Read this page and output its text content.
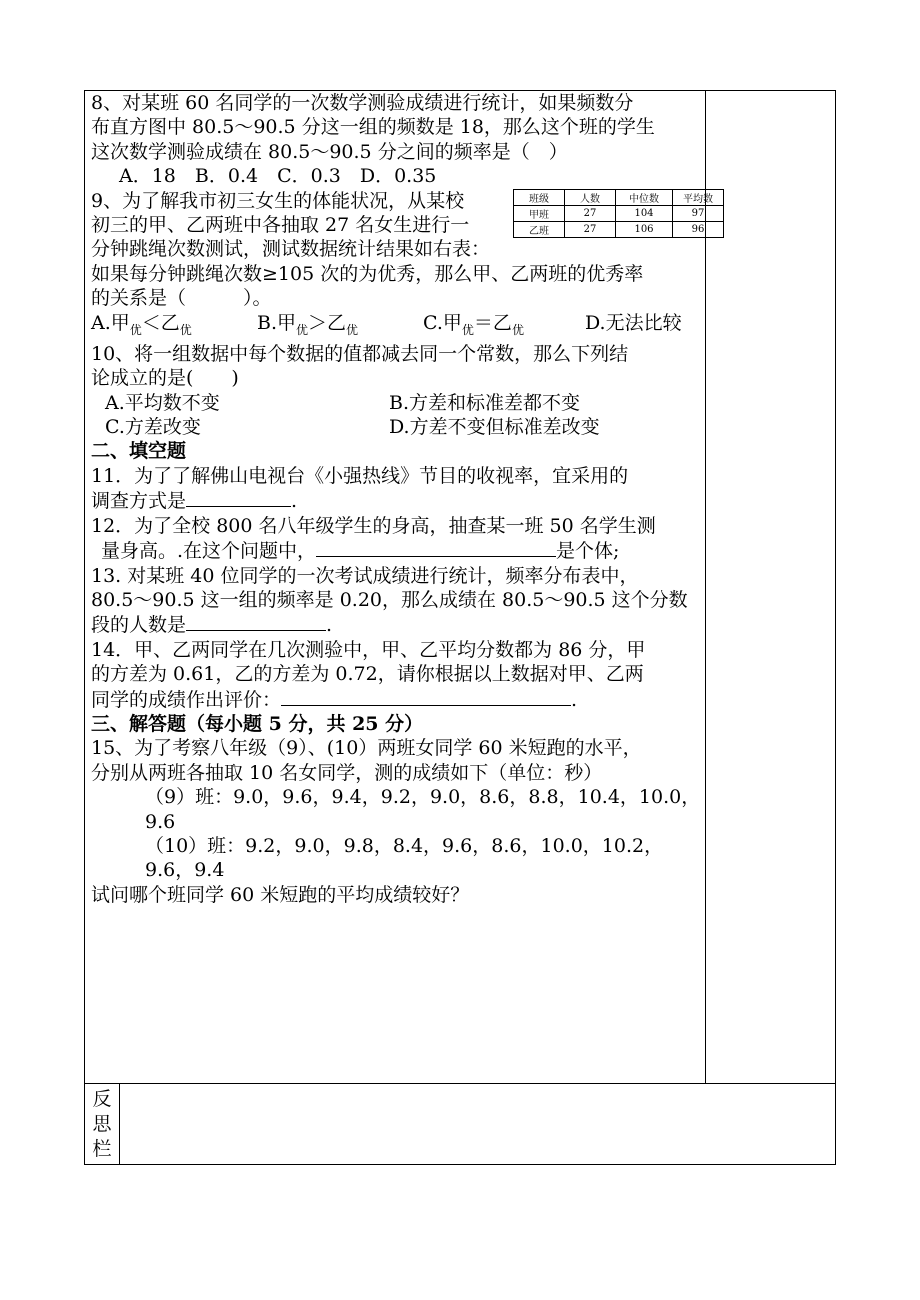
8、对某班 60 名同学的一次数学测验成绩进行统计，如果频数分

布直方图中 80.5～90.5 分这一组的频数是 18，那么这个班的学生

这次数学测验成绩在 80.5～90.5 分之间的频率是（　）

A．18　B．0.4　C．0.3　D．0.35

9、为了解我市初三女生的体能状况，从某校

初三的甲、乙两班中各抽取 27 名女生进行一

分钟跳绳次数测试，测试数据统计结果如右表：

如果每分钟跳绳次数≥105 次的为优秀，那么甲、乙两班的优秀率

的关系是（　　　）。

A.甲$_优$＜乙$_优$	B.甲$_优$＞乙$_优$	C.甲$_优$＝乙$_优$	D.无法比较

10、将一组数据中每个数据的值都减去同一个常数，那么下列结

论成立的是(　　)

A.平均数不变	B.方差和标准差都不变

C.方差改变	D.方差不变但标准差改变

二、填空题

11．为了了解佛山电视台《小强热线》节目的收视率，宜采用的

调查方式是	.

12．为了全校 800 名八年级学生的身高，抽查某一班 50 名学生测

量身高。.在这个问题中，	是个体;

13. 对某班 40 位同学的一次考试成绩进行统计，频率分布表中，

80.5～90.5 这一组的频率是 0.20，那么成绩在 80.5～90.5 这个分数

段的人数是	.

14．甲、乙两同学在几次测验中，甲、乙平均分数都为 86 分，甲

的方差为 0.61，乙的方差为 0.72，请你根据以上数据对甲、乙两

同学的成绩作出评价：	.

三、解答题（每小题 5 分，共 25 分）

15、为了考察八年级（9）、(10）两班女同学 60 米短跑的水平，

分别从两班各抽取 10 名女同学，测的成绩如下（单位：秒）

（9）班：9.0，9.6，9.4，9.2，9.0，8.6，8.8，10.4，10.0，9.6

（10）班：9.2，9.0，9.8，8.4，9.6，8.6，10.0，10.2，9.6，9.4

试问哪个班同学 60 米短跑的平均成绩较好？

班级	人数	中位数	平均数
甲班	27	104	97
乙班	27	106	96
反
思
栏
